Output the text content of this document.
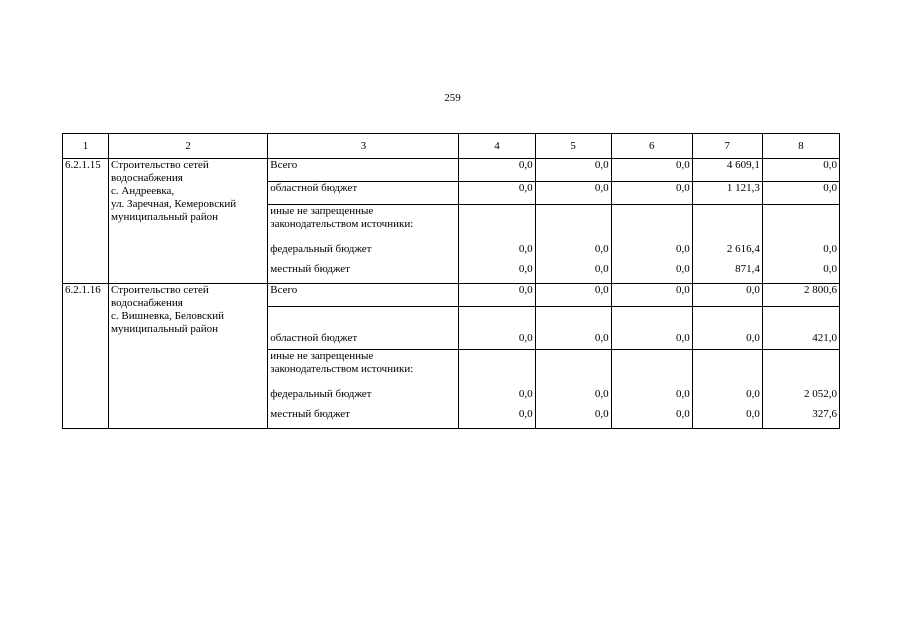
259
1	2	3	4	5	6	7	8
6.2.1.15	Строительство сетей водоснабжения
с. Андреевка,
ул. Заречная, Кемеровский муниципальный район	Всего	0,0	0,0	0,0	4 609,1	0,0
		областной бюджет	0,0	0,0	0,0	1 121,3	0,0
		иные не запрещенные законодательством источники:					
		федеральный бюджет	0,0	0,0	0,0	2 616,4	0,0
		местный бюджет	0,0	0,0	0,0	871,4	0,0
6.2.1.16	Строительство сетей водоснабжения
с. Вишневка, Беловский муниципальный район	Всего	0,0	0,0	0,0	0,0	2 800,6
		областной бюджет	0,0	0,0	0,0	0,0	421,0
		иные не запрещенные законодательством источники:					
		федеральный бюджет	0,0	0,0	0,0	0,0	2 052,0
		местный бюджет	0,0	0,0	0,0	0,0	327,6
